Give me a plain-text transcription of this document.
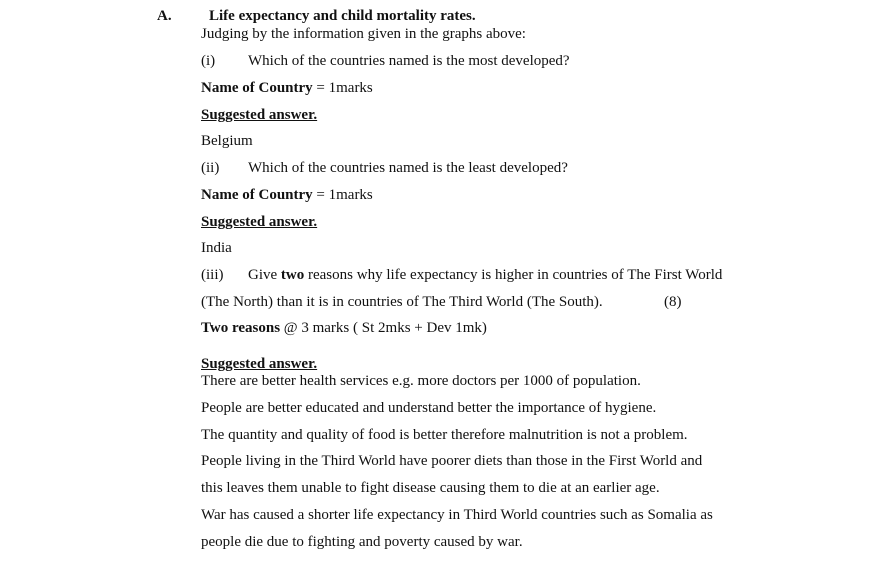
A. Life expectancy and child mortality rates.
Judging by the information given in the graphs above:
(i) Which of the countries named is the most developed?
Name of Country = 1marks
Suggested answer.
Belgium
(ii) Which of the countries named is the least developed?
Name of Country = 1marks
Suggested answer.
India
(iii) Give two reasons why life expectancy is higher in countries of The First World
(The North) than it is in countries of The Third World (The South).	(8)
Two reasons @ 3 marks ( St 2mks + Dev 1mk)
Suggested answer.
There are better health services e.g. more doctors per 1000 of population.
People are better educated and understand better the importance of hygiene.
The quantity and quality of food is better therefore malnutrition is not a problem.
People living in the Third World have poorer diets than those in the First World and
this leaves them unable to fight disease causing them to die at an earlier age.
War has caused a shorter life expectancy in Third World countries such as Somalia as
people die due to fighting and poverty caused by war.
